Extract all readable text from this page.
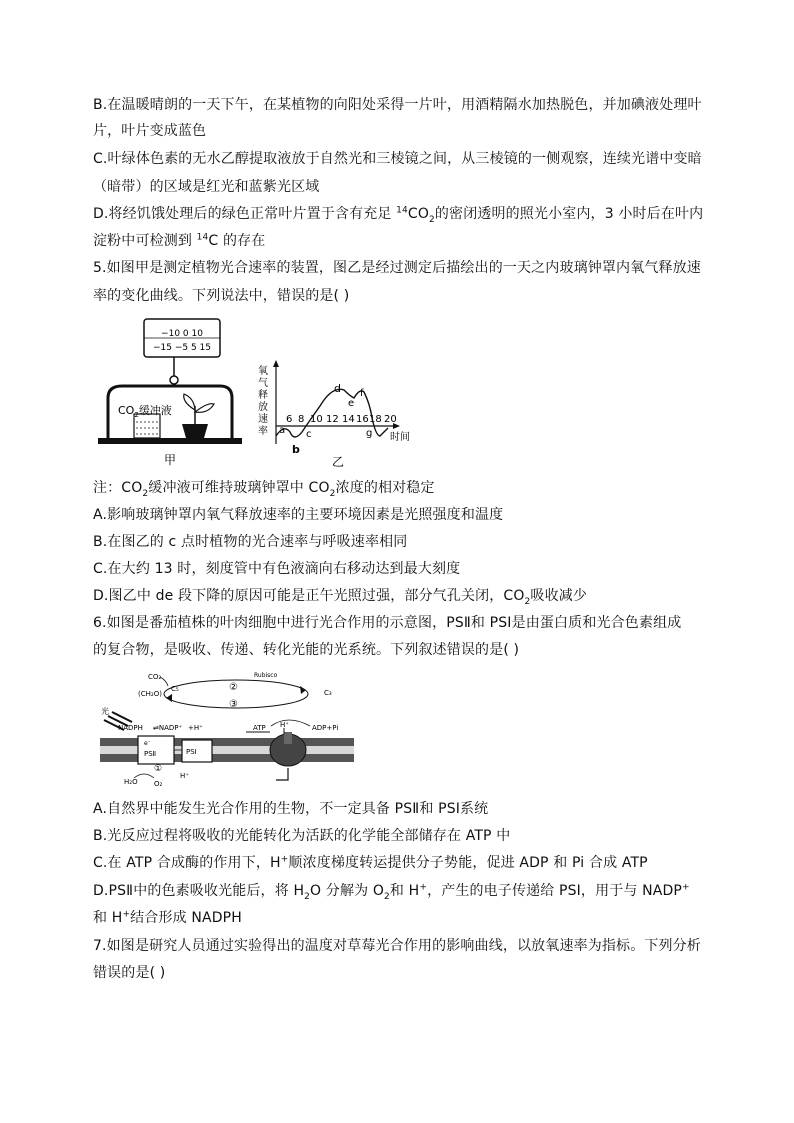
B.在温暖晴朗的一天下午，在某植物的向阳处采得一片叶，用酒精隔水加热脱色，并加碘液处理叶
片，叶片变成蓝色
C.叶绿体色素的无水乙醇提取液放于自然光和三棱镜之间，从三棱镜的一侧观察，连续光谱中变暗
（暗带）的区域是红光和蓝紫光区域
D.将经饥饿处理后的绿色正常叶片置于含有充足 $^{14}CO_2$的密闭透明的照光小室内，3 小时后在叶内
淀粉中可检测到 $^{14}$C 的存在
5.如图甲是测定植物光合速率的装置，图乙是经过测定后描绘出的一天之内玻璃钟罩内氧气释放速
率的变化曲线。下列说法中，错误的是( )
−10 0 10
−15 −5 5 15
$CO_2$缓冲液
甲
氧
气
释
放
速
率
6 8 10 12 14 16 18 20
a
b
c
d
e
f
g 时间
乙
注：$CO_2$缓冲液可维持玻璃钟罩中 $CO_2$浓度的相对稳定
A.影响玻璃钟罩内氧气释放速率的主要环境因素是光照强度和温度
B.在图乙的 c 点时植物的光合速率与呼吸速率相同
C.在大约 13 时，刻度管中有色液滴向右移动达到最大刻度
D.图乙中 de 段下降的原因可能是正午光照过强，部分气孔关闭，$CO_2$吸收减少
6.如图是番茄植株的叶肉细胞中进行光合作用的示意图，PSⅡ和 PSⅠ是由蛋白质和光合色素组成
的复合物，是吸收、传递、转化光能的光系统。下列叙述错误的是( )
CO₂
(CH₂O)
C₅	C₃
Rubisco
②
③
光
NADPH ⇌NADP⁺ +H⁺	ATP H⁺	ADP+Pi
e⁻
PSⅡ	PSⅠ
①
H₂O O₂
H⁺
A.自然界中能发生光合作用的生物，不一定具备 PSⅡ和 PSⅠ系统
B.光反应过程将吸收的光能转化为活跃的化学能全部储存在 ATP 中
C.在 ATP 合成酶的作用下，H+顺浓度梯度转运提供分子势能，促进 ADP 和 Pi 合成 ATP
D.PSⅡ中的色素吸收光能后，将 $H_2O$ 分解为 $O_2$和 H+，产生的电子传递给 PSⅠ，用于与 NADP+
和 H+结合形成 NADPH
7.如图是研究人员通过实验得出的温度对草莓光合作用的影响曲线，以放氧速率为指标。下列分析
错误的是( )
